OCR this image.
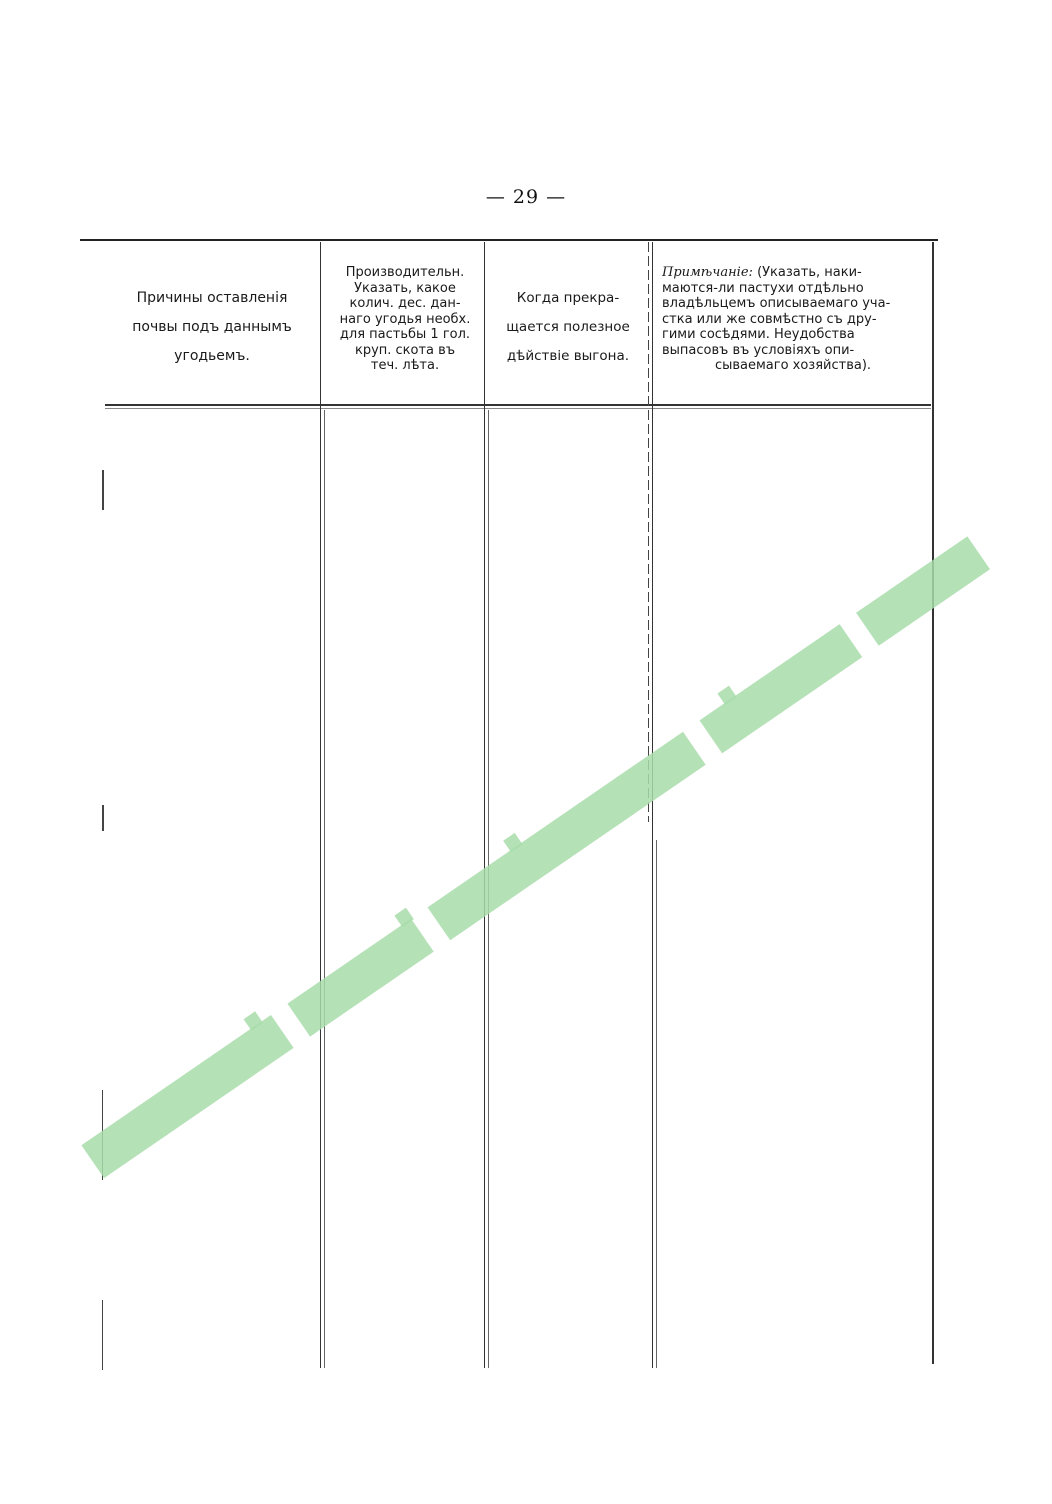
— 29 —
Причины оставленія
почвы подъ даннымъ
угодьемъ.
Производительн.
Указать, какое
колич. дес. дан-
наго угодья необх.
для пастьбы 1 гол.
круп. скота въ
теч. лѣта.
Когда прекра-
щается полезное
дѣйствіе выгона.
Примѣчаніе: (Указать, наки-
маются-ли пастухи отдѣльно
владѣльцемъ описываемаго уча-
стка или же совмѣстно съ дру-
гими сосѣдями. Неудобства
выпасовъ въ условіяхъ опи-
сываемаго хозяйства).
